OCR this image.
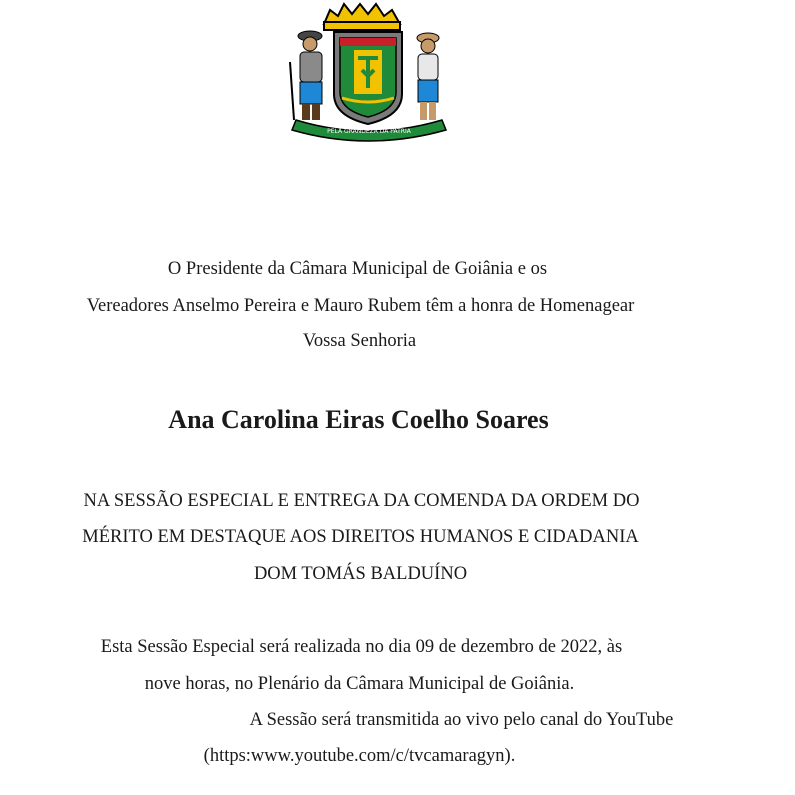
PELA GRANDEZA DA PÁTRIA
O Presidente da Câmara Municipal de Goiânia e os
Vereadores Anselmo Pereira e Mauro Rubem têm a honra de Homenagear
Vossa Senhoria
Ana Carolina Eiras Coelho Soares
NA SESSÃO ESPECIAL E ENTREGA DA COMENDA DA ORDEM DO
MÉRITO EM DESTAQUE AOS DIREITOS HUMANOS E CIDADANIA
DOM TOMÁS BALDUÍNO
Esta Sessão Especial será realizada no dia 09 de dezembro de 2022, às
nove horas, no Plenário da Câmara Municipal de Goiânia.
A Sessão será transmitida ao vivo pelo canal do YouTube
(https:www.youtube.com/c/tvcamaragyn).
